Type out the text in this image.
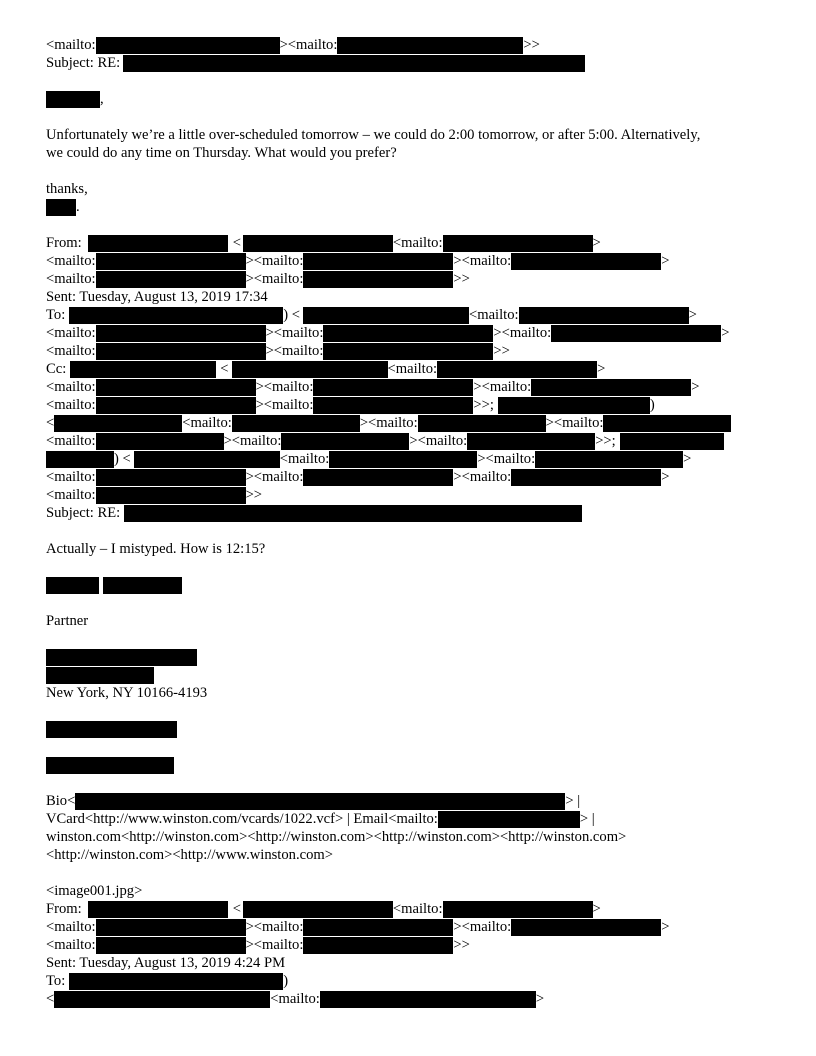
<mailto:	><mailto:	>>
Subject: RE:
,
Unfortunately we’re a little over-scheduled tomorrow – we could do 2:00 tomorrow, or after 5:00. Alternatively,
we could do any time on Thursday. What would you prefer?
thanks,
.
From:	<	<mailto:	>
<mailto:	><mailto:	><mailto:	>
<mailto:	><mailto:	>>
Sent: Tuesday, August 13, 2019 17:34
To:	) <	<mailto:	>
<mailto:	><mailto:	><mailto:	>
<mailto:	><mailto:	>>
Cc:	<	<mailto:	>
<mailto:	><mailto:	><mailto:	>
<mailto:	><mailto:	>>;	)
<	<mailto:	><mailto:	><mailto:
<mailto:	><mailto:	><mailto:	>>;
) <	<mailto:	><mailto:	>
<mailto:	><mailto:	><mailto:	>
<mailto:	>>
Subject: RE:
Actually – I mistyped. How is 12:15?
Partner
New York, NY 10166-4193
Bio<	> |
VCard<http://www.winston.com/vcards/1022.vcf> | Email<mailto:	> |
winston.com<http://winston.com><http://winston.com><http://winston.com><http://winston.com>
<http://winston.com><http://www.winston.com>
<image001.jpg>
From:	<	<mailto:	>
<mailto:	><mailto:	><mailto:	>
<mailto:	><mailto:	>>
Sent: Tuesday, August 13, 2019 4:24 PM
To:	)
<	<mailto:	>
